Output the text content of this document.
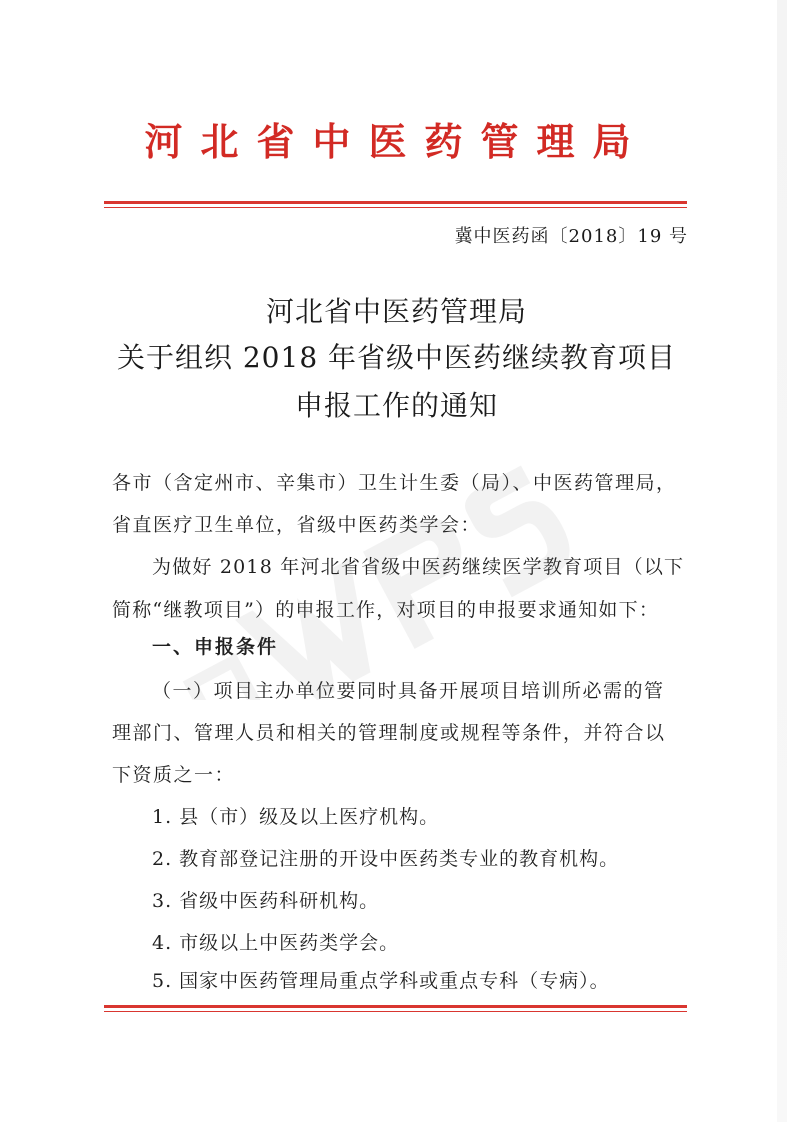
河北省中医药管理局
冀中医药函〔2018〕19 号
河北省中医药管理局
关于组织 2018 年省级中医药继续教育项目
申报工作的通知
各市（含定州市、辛集市）卫生计生委（局）、中医药管理局，
省直医疗卫生单位，省级中医药类学会：
为做好 2018 年河北省省级中医药继续医学教育项目（以下
简称“继教项目”）的申报工作，对项目的申报要求通知如下：
一、申报条件
（一）项目主办单位要同时具备开展项目培训所必需的管
理部门、管理人员和相关的管理制度或规程等条件，并符合以
下资质之一：
1. 县（市）级及以上医疗机构。
2. 教育部登记注册的开设中医药类专业的教育机构。
3. 省级中医药科研机构。
4. 市级以上中医药类学会。
5. 国家中医药管理局重点学科或重点专科（专病）。
